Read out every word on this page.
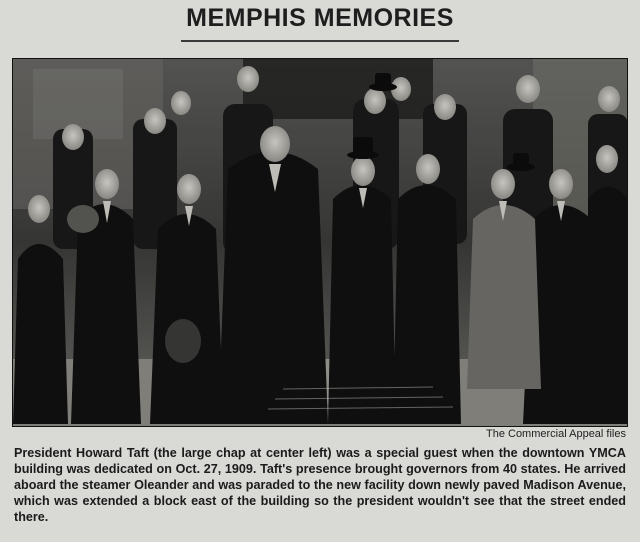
MEMPHIS MEMORIES
The Commercial Appeal files

President Howard Taft (the large chap at center left) was a special guest when the downtown YMCA building was dedicated on Oct. 27, 1909. Taft's presence brought governors from 40 states. He arrived aboard the steamer Oleander and was paraded to the new facility down newly paved Madison Avenue, which was extended a block east of the building so the president wouldn't see that the street ended there.
